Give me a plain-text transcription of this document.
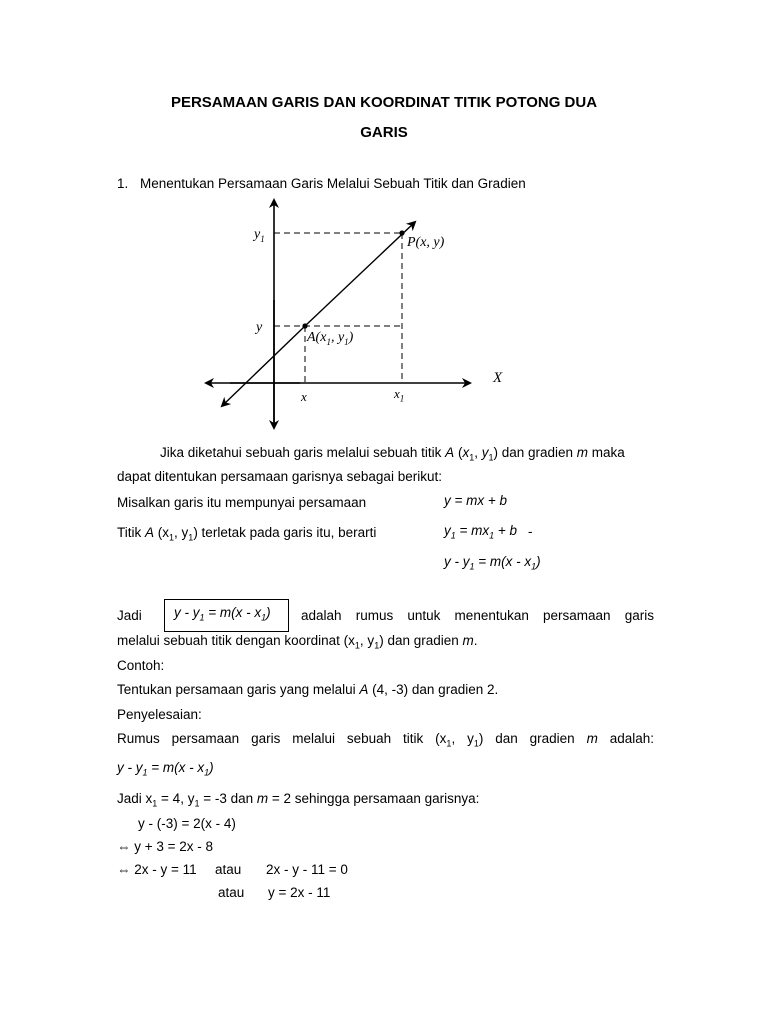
PERSAMAAN GARIS DAN KOORDINAT TITIK POTONG DUA
GARIS
1. Menentukan Persamaan Garis Melalui Sebuah Titik dan Gradien
$y_1$	P(x, y)
y
$A(x_1$, $y_1$)
x	$x_1$
X
Jika diketahui sebuah garis melalui sebuah titik A ($x_1$, $y_1$) dan gradien m maka
dapat ditentukan persamaan garisnya sebagai berikut:
Misalkan garis itu mempunyai persamaan	y = mx + b
Titik A ($x_1$, $y_1$) terletak pada garis itu, berarti	$y_1 = mx_1 + b$ -
$y - y_1 = m(x - x_1)$
Jadi $y - y_1 = m(x - x_1)$ adalah rumus untuk menentukan persamaan garis
melalui sebuah titik dengan koordinat ($x_1$, $y_1$) dan gradien m.
Contoh:
Tentukan persamaan garis yang melalui A (4, -3) dan gradien 2.
Penyelesaian:
Rumus persamaan garis melalui sebuah titik ($x_1$, $y_1$) dan gradien m adalah:
$y - y_1 = m(x - x_1)$
Jadi $x_1 = 4$, $y_1 = -3$ dan m = 2 sehingga persamaan garisnya:
y - (-3) = 2(x - 4)
⇔ y + 3 = 2x - 8
⇔ 2x - y = 11 atau 2x - y - 11 = 0
atau y = 2x - 11
